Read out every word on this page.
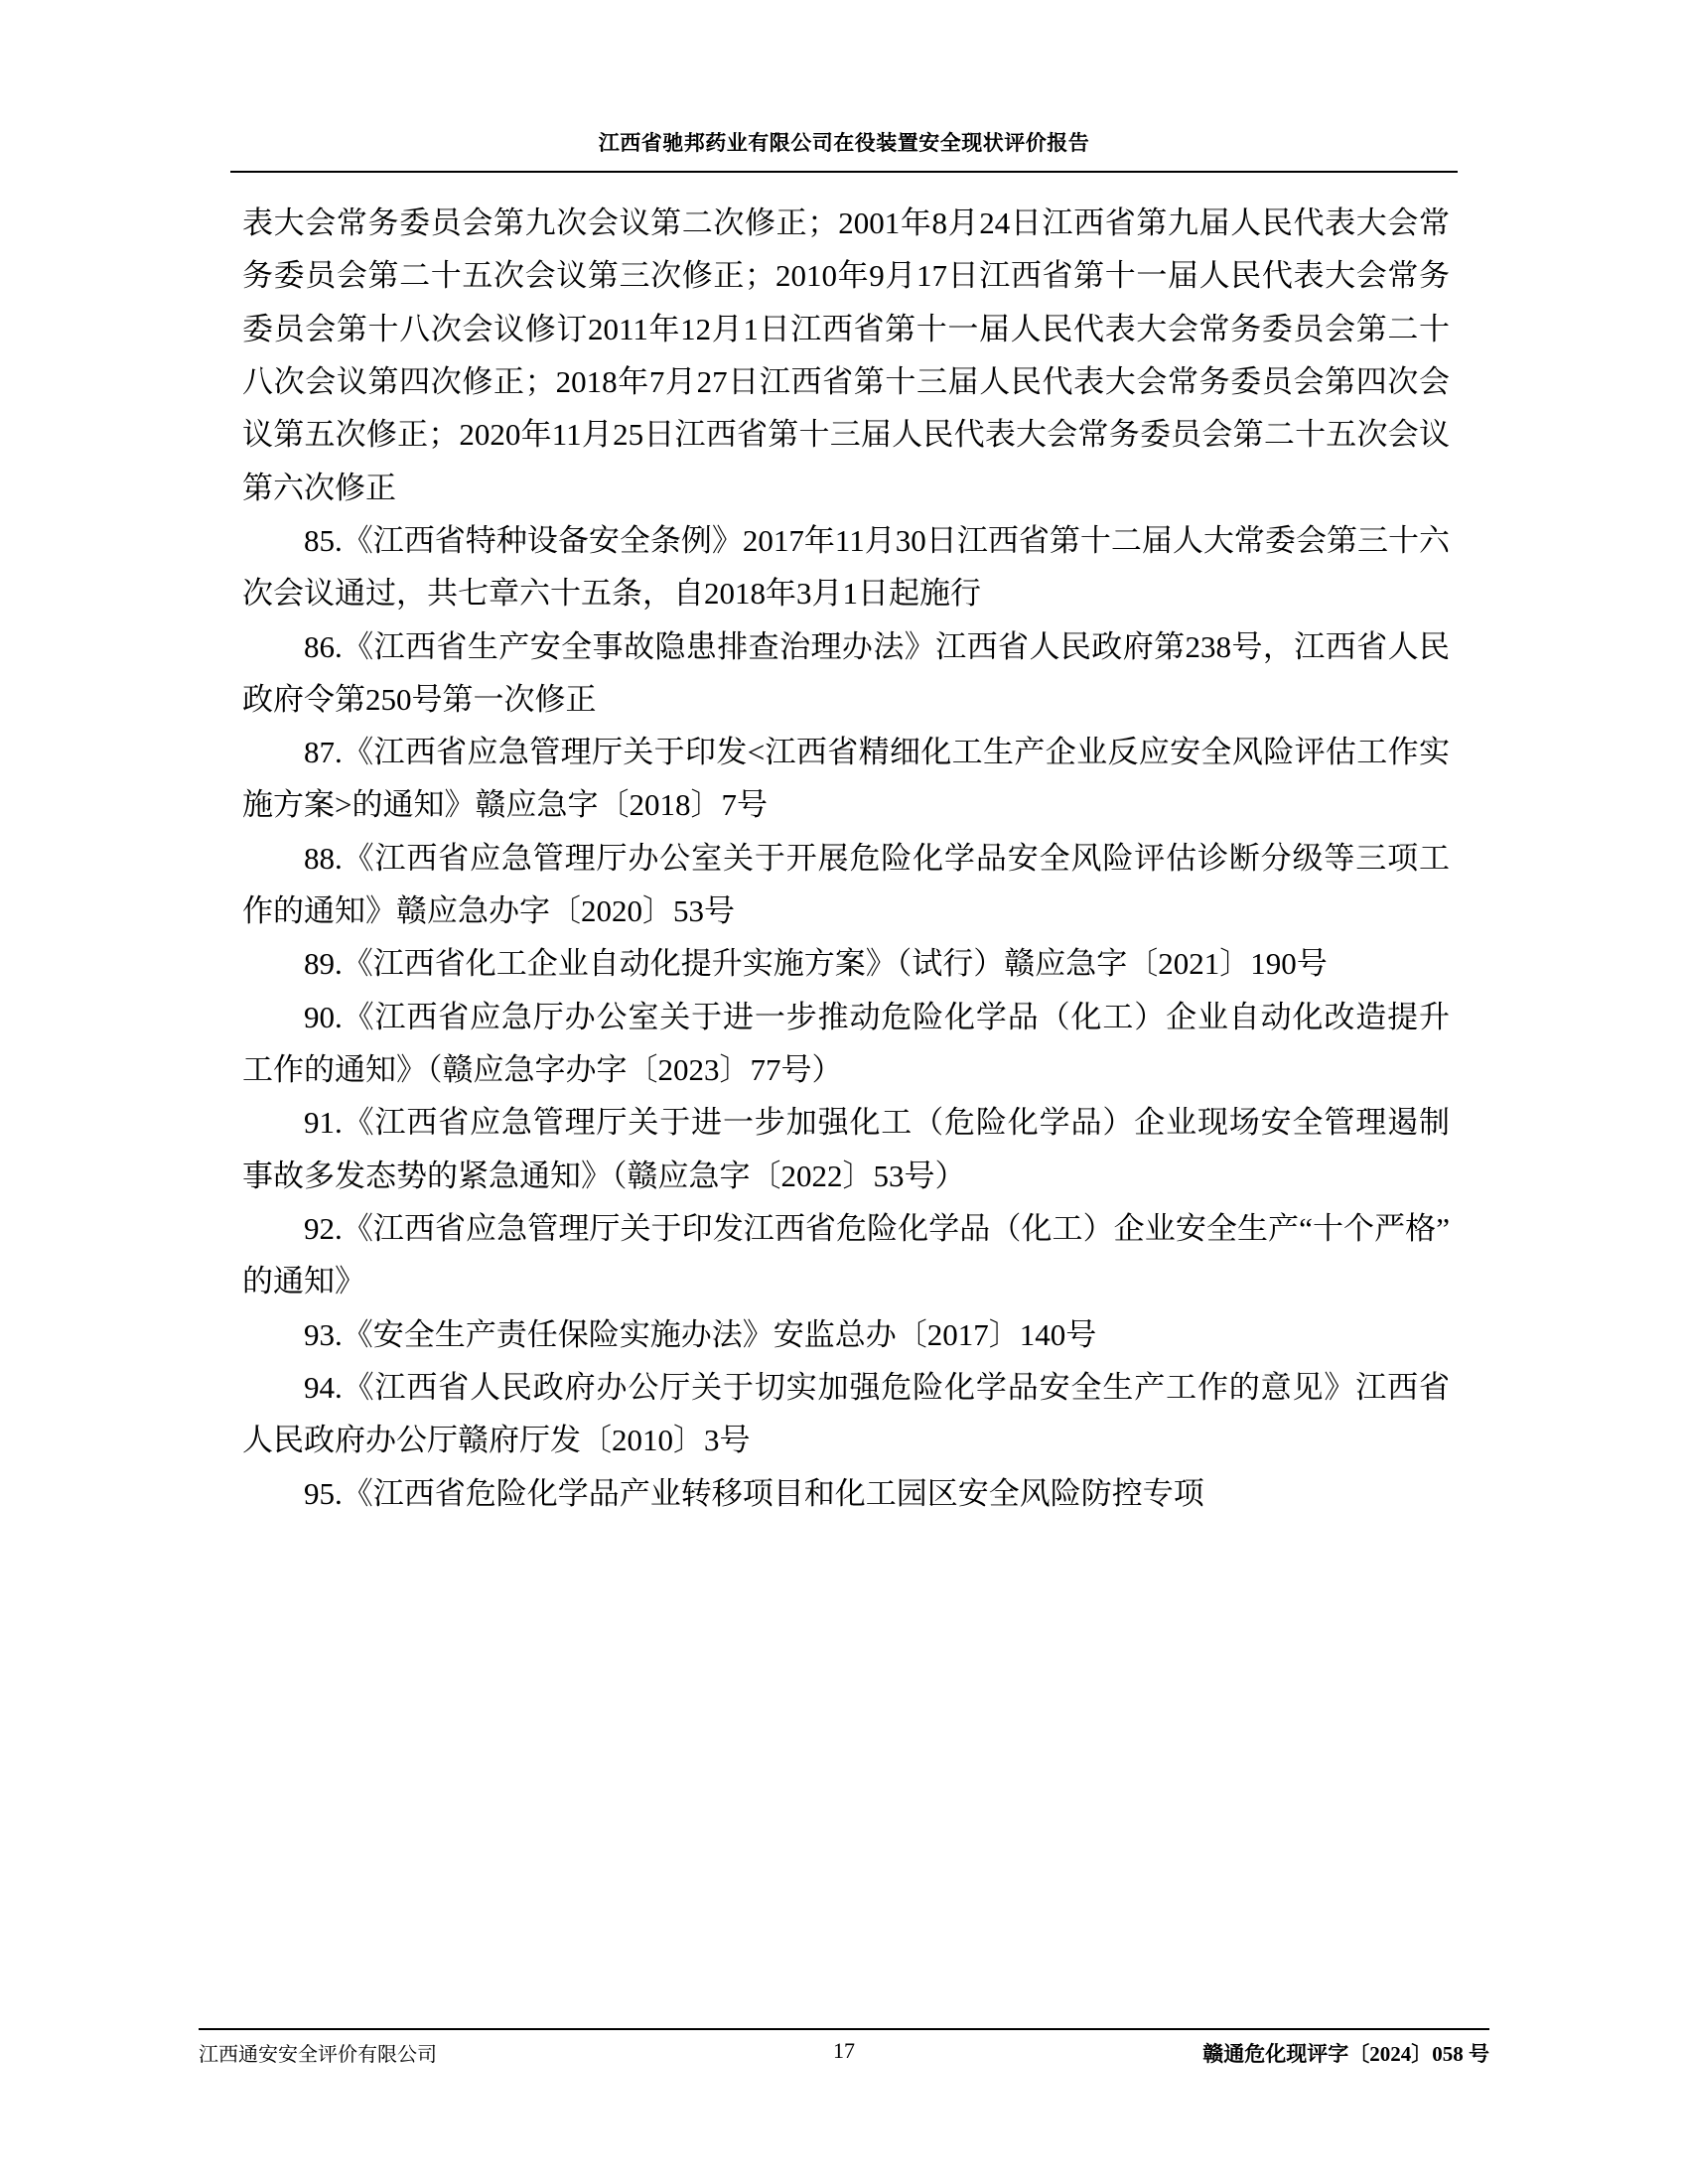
江西省驰邦药业有限公司在役装置安全现状评价报告

表大会常务委员会第九次会议第二次修正；2001年8月24日江西省第九届人民代表大会常务委员会第二十五次会议第三次修正；2010年9月17日江西省第十一届人民代表大会常务委员会第十八次会议修订2011年12月1日江西省第十一届人民代表大会常务委员会第二十八次会议第四次修正；2018年7月27日江西省第十三届人民代表大会常务委员会第四次会议第五次修正；2020年11月25日江西省第十三届人民代表大会常务委员会第二十五次会议第六次修正

85.《江西省特种设备安全条例》2017年11月30日江西省第十二届人大常委会第三十六次会议通过，共七章六十五条，自2018年3月1日起施行

86.《江西省生产安全事故隐患排查治理办法》江西省人民政府第238号，江西省人民政府令第250号第一次修正

87.《江西省应急管理厅关于印发<江西省精细化工生产企业反应安全风险评估工作实施方案>的通知》赣应急字〔2018〕7号

88.《江西省应急管理厅办公室关于开展危险化学品安全风险评估诊断分级等三项工作的通知》赣应急办字〔2020〕53号

89.《江西省化工企业自动化提升实施方案》（试行）赣应急字〔2021〕190号

90.《江西省应急厅办公室关于进一步推动危险化学品（化工）企业自动化改造提升工作的通知》（赣应急字办字〔2023〕77号）

91.《江西省应急管理厅关于进一步加强化工（危险化学品）企业现场安全管理遏制事故多发态势的紧急通知》（赣应急字〔2022〕53号）

92.《江西省应急管理厅关于印发江西省危险化学品（化工）企业安全生产“十个严格”的通知》

93.《安全生产责任保险实施办法》安监总办〔2017〕140号

94.《江西省人民政府办公厅关于切实加强危险化学品安全生产工作的意见》江西省人民政府办公厅赣府厅发〔2010〕3号

95.《江西省危险化学品产业转移项目和化工园区安全风险防控专项

江西通安安全评价有限公司	17	赣通危化现评字〔2024〕058 号
